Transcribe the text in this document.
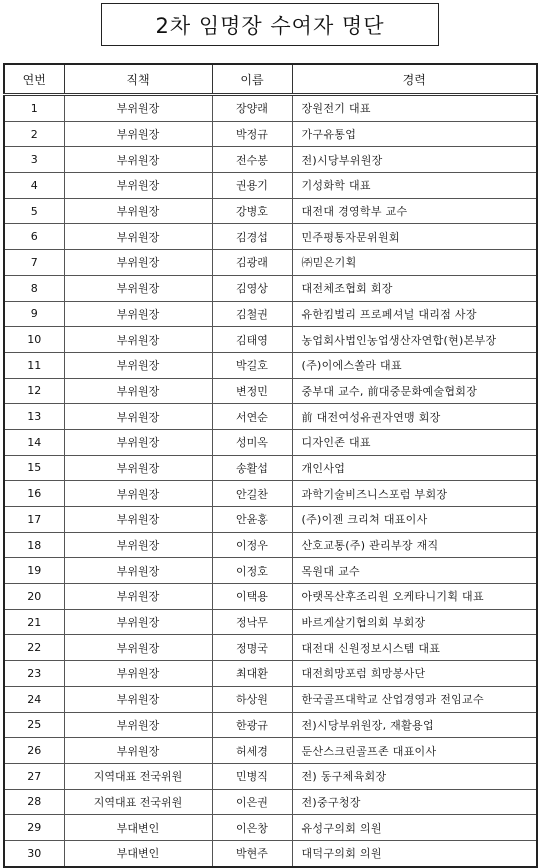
2차 임명장 수여자 명단
연번	직책	이름	경력
1	부위원장	장양래	장원전기 대표
2	부위원장	박정규	가구유통업
3	부위원장	전수봉	전)시당부위원장
4	부위원장	권용기	기성화학 대표
5	부위원장	강병호	대전대 경영학부 교수
6	부위원장	김경섭	민주평통자문위원회
7	부위원장	김광래	㈜믿은기획
8	부위원장	김영상	대전체조협회 회장
9	부위원장	김철권	유한킴벌리 프로페셔널 대리점 사장
10	부위원장	김태영	농업회사법인농업생산자연합(현)본부장
11	부위원장	박길호	(주)이에스쏠라 대표
12	부위원장	변정민	중부대 교수, 前대중문화예술협회장
13	부위원장	서연순	前 대전여성유권자연맹 회장
14	부위원장	성미옥	디자인존 대표
15	부위원장	송활섭	개인사업
16	부위원장	안길찬	과학기술비즈니스포럼 부회장
17	부위원장	안윤홍	(주)이젠 크리쳐 대표이사
18	부위원장	이정우	산호교통(주) 관리부장 재직
19	부위원장	이정호	목원대 교수
20	부위원장	이택용	아랫목산후조리원 오케타니기획 대표
21	부위원장	정낙무	바르게살기협의회 부회장
22	부위원장	정명국	대전대 신원정보시스템 대표
23	부위원장	최대환	대전희망포럼 희망봉사단
24	부위원장	하상원	한국골프대학교 산업경영과 전임교수
25	부위원장	한광규	전)시당부위원장, 재활용업
26	부위원장	허세경	둔산스크린골프존 대표이사
27	지역대표 전국위원	민병직	전) 동구체육회장
28	지역대표 전국위원	이은권	전)중구청장
29	부대변인	이은창	유성구의회 의원
30	부대변인	박현주	대덕구의회 의원
